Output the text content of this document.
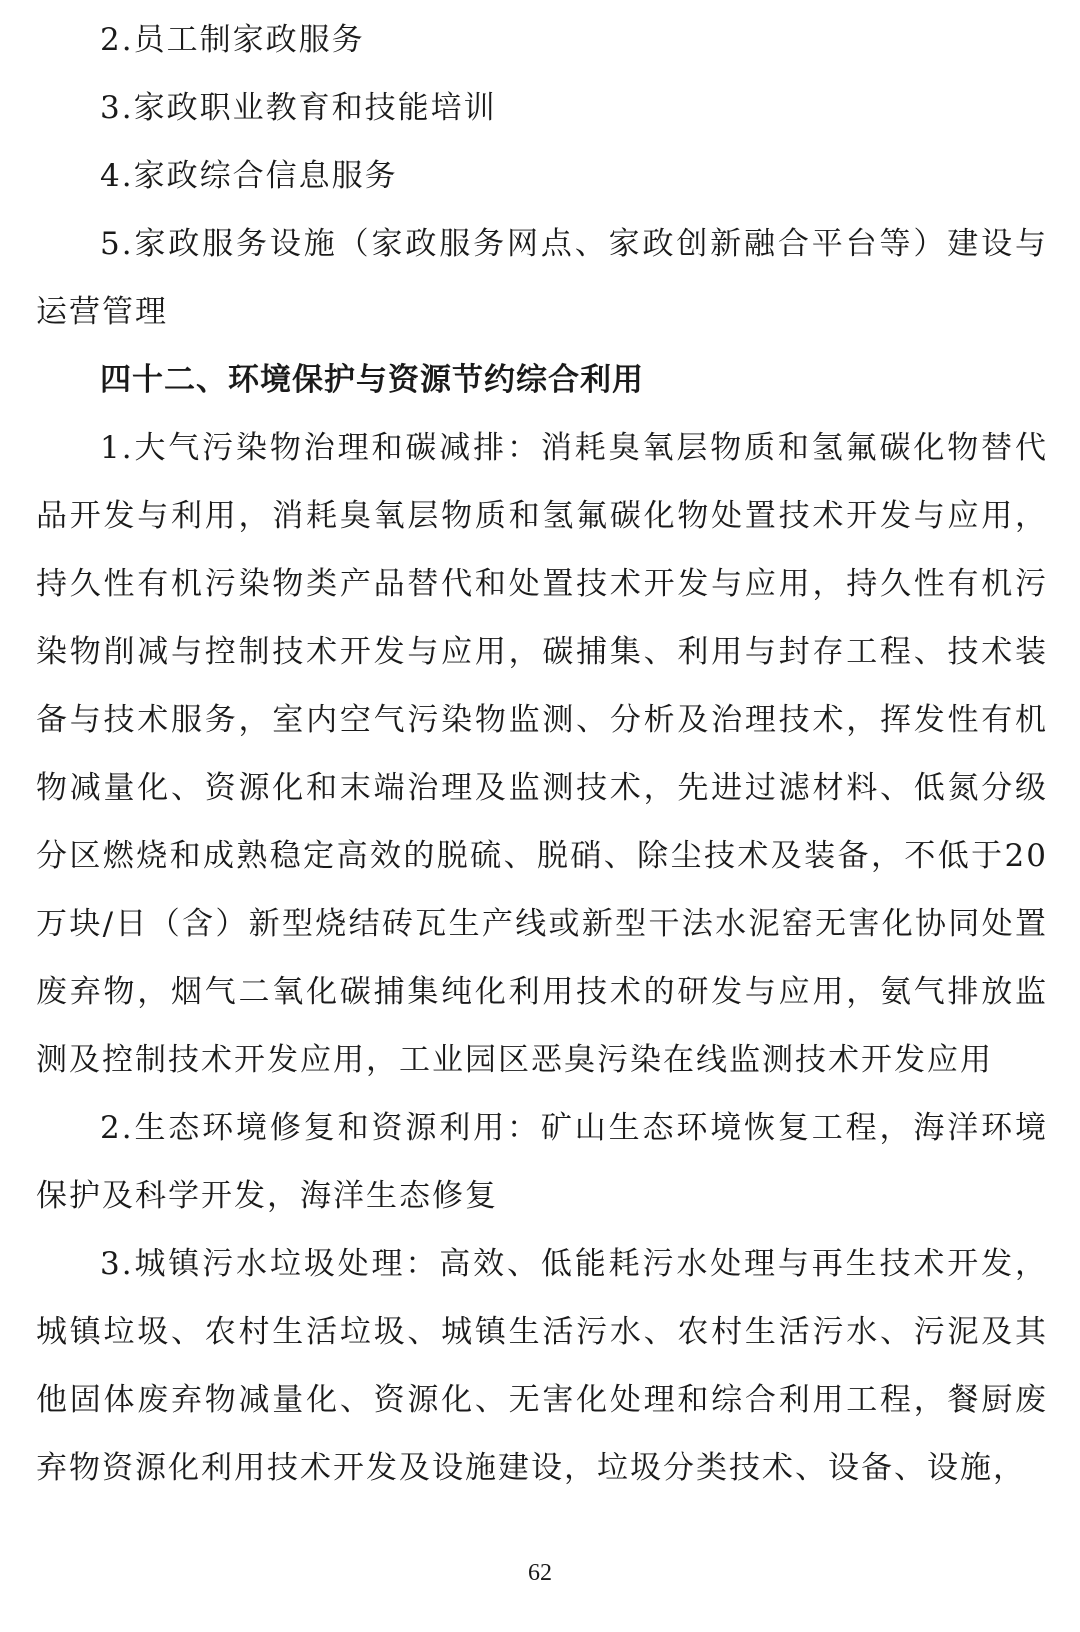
2.员工制家政服务

3.家政职业教育和技能培训

4.家政综合信息服务

5.家政服务设施（家政服务网点、家政创新融合平台等）建设与运营管理

四十二、环境保护与资源节约综合利用

1.大气污染物治理和碳减排：消耗臭氧层物质和氢氟碳化物替代品开发与利用，消耗臭氧层物质和氢氟碳化物处置技术开发与应用，持久性有机污染物类产品替代和处置技术开发与应用，持久性有机污染物削减与控制技术开发与应用，碳捕集、利用与封存工程、技术装备与技术服务，室内空气污染物监测、分析及治理技术，挥发性有机物减量化、资源化和末端治理及监测技术，先进过滤材料、低氮分级分区燃烧和成熟稳定高效的脱硫、脱硝、除尘技术及装备，不低于20万块/日（含）新型烧结砖瓦生产线或新型干法水泥窑无害化协同处置废弃物，烟气二氧化碳捕集纯化利用技术的研发与应用，氨气排放监测及控制技术开发应用，工业园区恶臭污染在线监测技术开发应用

2.生态环境修复和资源利用：矿山生态环境恢复工程，海洋环境保护及科学开发，海洋生态修复

3.城镇污水垃圾处理：高效、低能耗污水处理与再生技术开发，城镇垃圾、农村生活垃圾、城镇生活污水、农村生活污水、污泥及其他固体废弃物减量化、资源化、无害化处理和综合利用工程，餐厨废弃物资源化利用技术开发及设施建设，垃圾分类技术、设备、设施，

62
